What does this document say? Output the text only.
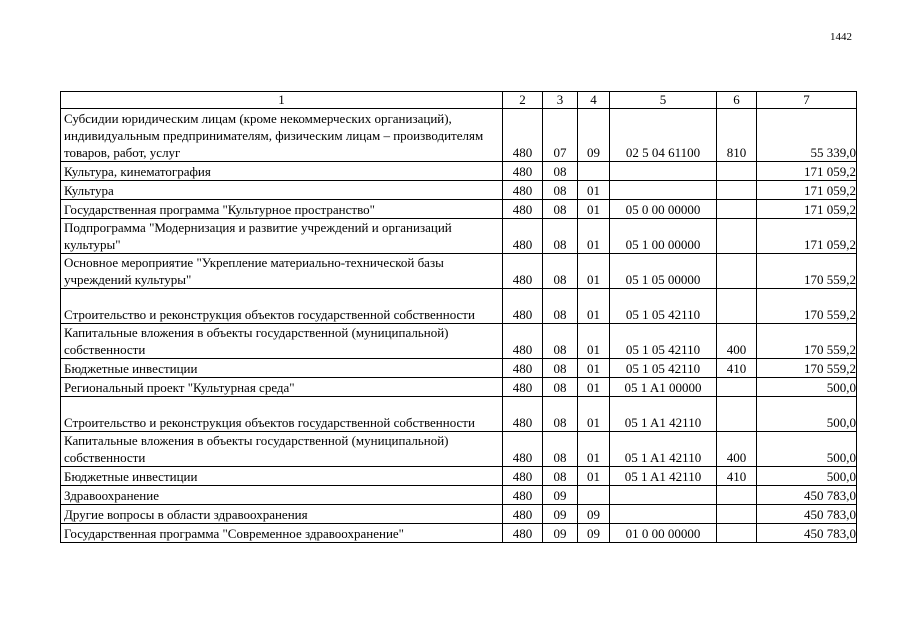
1442
1	2	3	4	5	6	7
Субсидии юридическим лицам (кроме некоммерческих организаций), индивидуальным предпринимателям, физическим лицам – производителям товаров, работ, услуг	480	07	09	02 5 04 61100	810	55 339,0
Культура, кинематография	480	08				171 059,2
Культура	480	08	01			171 059,2
Государственная программа "Культурное пространство"	480	08	01	05 0 00 00000		171 059,2
Подпрограмма "Модернизация и развитие учреждений и организаций культуры"	480	08	01	05 1 00 00000		171 059,2
Основное мероприятие "Укрепление материально-технической базы учреждений культуры"	480	08	01	05 1 05 00000		170 559,2
Строительство и реконструкция объектов государственной собственности	480	08	01	05 1 05 42110		170 559,2
Капитальные вложения в объекты государственной (муниципальной) собственности	480	08	01	05 1 05 42110	400	170 559,2
Бюджетные инвестиции	480	08	01	05 1 05 42110	410	170 559,2
Региональный проект "Культурная среда"	480	08	01	05 1 A1 00000		500,0
Строительство и реконструкция объектов государственной собственности	480	08	01	05 1 A1 42110		500,0
Капитальные вложения в объекты государственной (муниципальной) собственности	480	08	01	05 1 A1 42110	400	500,0
Бюджетные инвестиции	480	08	01	05 1 A1 42110	410	500,0
Здравоохранение	480	09				450 783,0
Другие вопросы в области здравоохранения	480	09	09			450 783,0
Государственная программа "Современное здравоохранение"	480	09	09	01 0 00 00000		450 783,0
